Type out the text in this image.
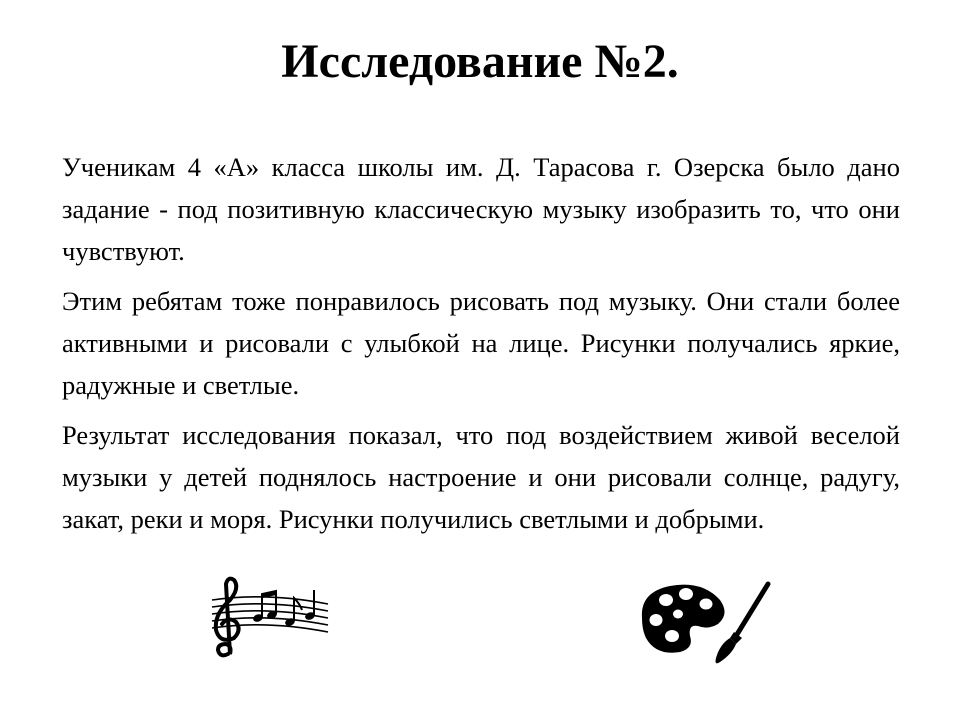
Исследование №2.

Ученикам 4 «А» класса школы им. Д. Тарасова г. Озерска было дано задание - под позитивную классическую музыку изобразить то, что они чувствуют.

Этим ребятам тоже понравилось рисовать под музыку. Они стали более активными и рисовали с улыбкой на лице. Рисунки получались яркие, радужные и светлые.

Результат исследования показал, что под воздействием живой веселой музыки у детей поднялось настроение и они рисовали солнце, радугу, закат, реки и моря. Рисунки получились светлыми и добрыми.
